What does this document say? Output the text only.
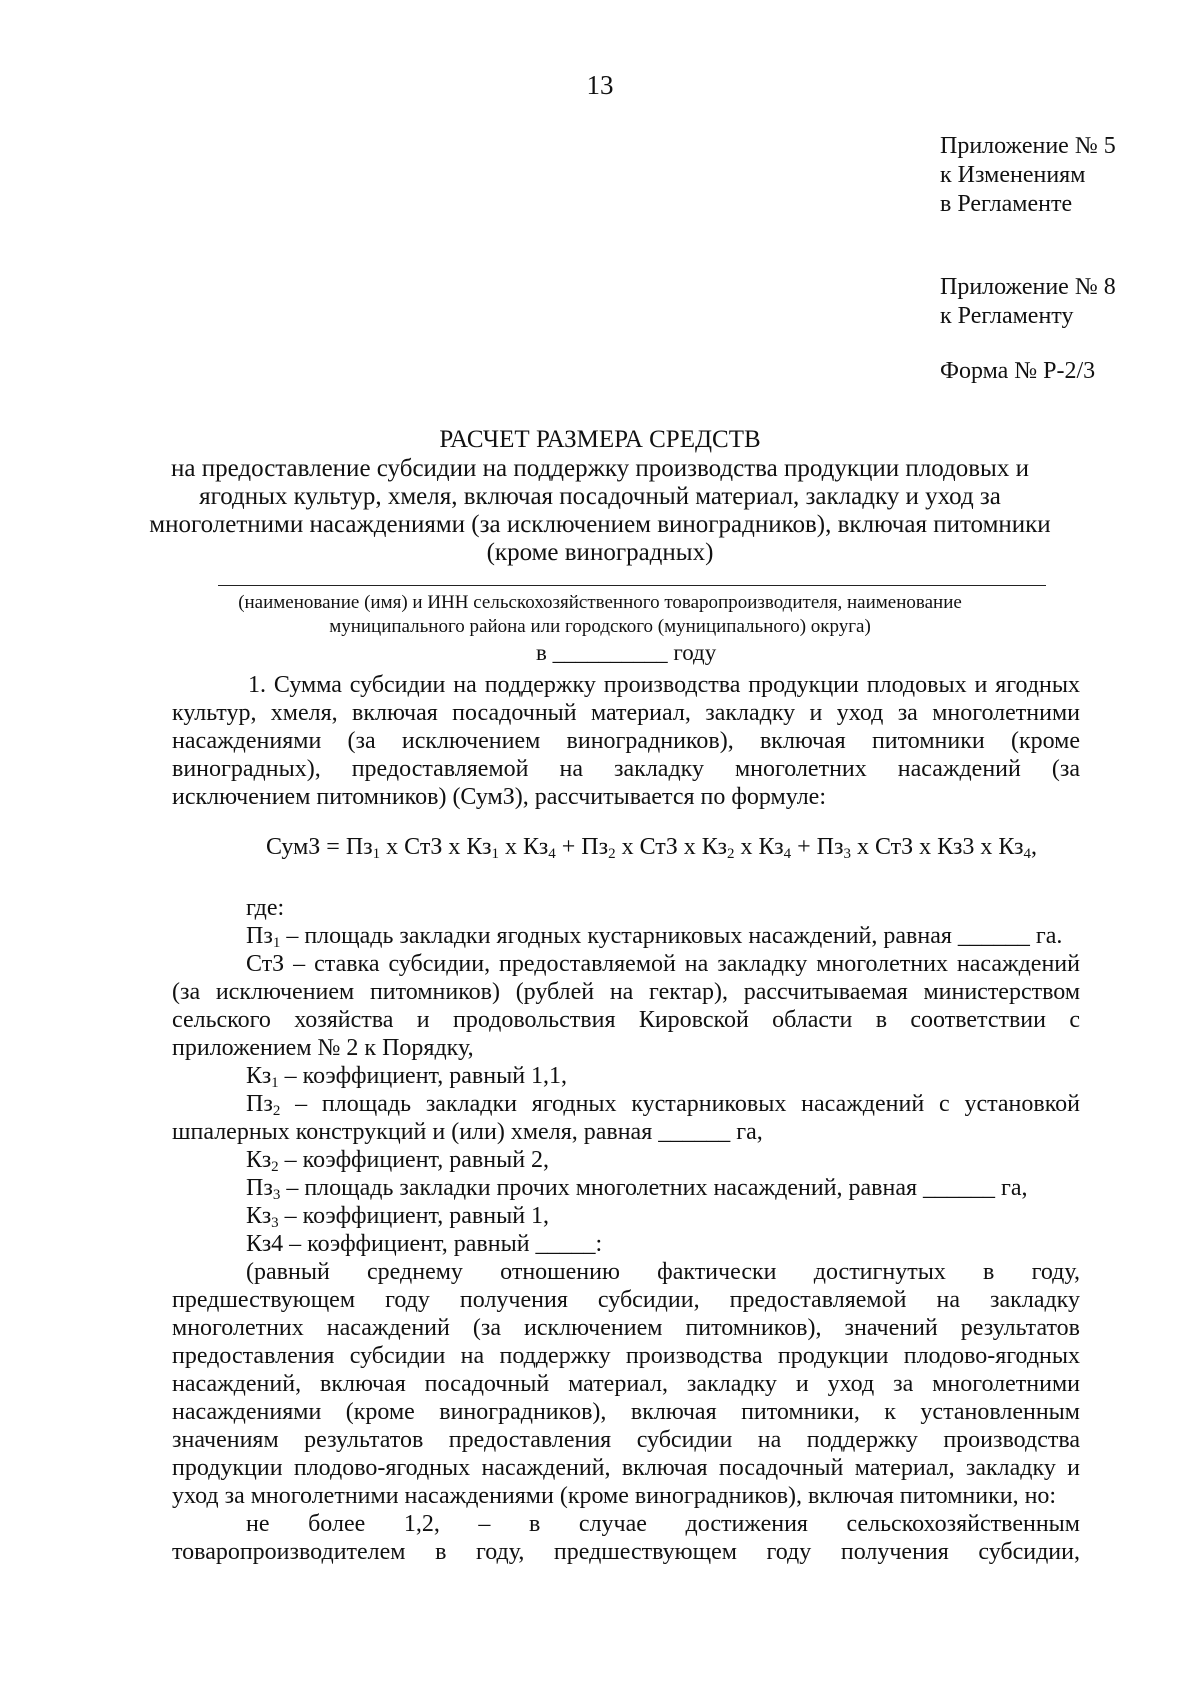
13
Приложение № 5
к Изменениям
в Регламенте
Приложение № 8
к Регламенту
Форма № Р-2/3
РАСЧЕТ РАЗМЕРА СРЕДСТВ
на предоставление субсидии на поддержку производства продукции плодовых и
ягодных культур, хмеля, включая посадочный материал, закладку и уход за
многолетними насаждениями (за исключением виноградников), включая питомники
(кроме виноградных)
(наименование (имя) и ИНН сельскохозяйственного товаропроизводителя, наименование
муниципального района или городского (муниципального) округа)
в __________ году
1. Сумма субсидии на поддержку производства продукции плодовых и ягодных
культур, хмеля, включая посадочный материал, закладку и уход за многолетними
насаждениями (за исключением виноградников), включая питомники (кроме
виноградных), предоставляемой на закладку многолетних насаждений (за
исключением питомников) (СумЗ), рассчитывается по формуле:
СумЗ = $Пз_1$ х СтЗ х $Кз_1$ х $Кз_4 + Пз_2$ х СтЗ х $Кз_2$ х $Кз_4 + Пз_3$ х СтЗ х Кз3 х $Кз_4$,
где:
$Пз_1$ – площадь закладки ягодных кустарниковых насаждений, равная ______ га.
СтЗ – ставка субсидии, предоставляемой на закладку многолетних насаждений
(за исключением питомников) (рублей на гектар), рассчитываемая министерством
сельского хозяйства и продовольствия Кировской области в соответствии с
приложением № 2 к Порядку,
$Кз_1$ – коэффициент, равный 1,1,
$Пз_2$ – площадь закладки ягодных кустарниковых насаждений с установкой
шпалерных конструкций и (или) хмеля, равная ______ га,
$Кз_2$ – коэффициент, равный 2,
$Пз_3$ – площадь закладки прочих многолетних насаждений, равная ______ га,
$Кз_3$ – коэффициент, равный 1,
Кз4 – коэффициент, равный _____:
(равный среднему отношению фактически достигнутых в году,
предшествующем году получения субсидии, предоставляемой на закладку
многолетних насаждений (за исключением питомников), значений результатов
предоставления субсидии на поддержку производства продукции плодово-ягодных
насаждений, включая посадочный материал, закладку и уход за многолетними
насаждениями (кроме виноградников), включая питомники, к установленным
значениям результатов предоставления субсидии на поддержку производства
продукции плодово-ягодных насаждений, включая посадочный материал, закладку и
уход за многолетними насаждениями (кроме виноградников), включая питомники, но:
не более 1,2, – в случае достижения сельскохозяйственным
товаропроизводителем в году, предшествующем году получения субсидии,
